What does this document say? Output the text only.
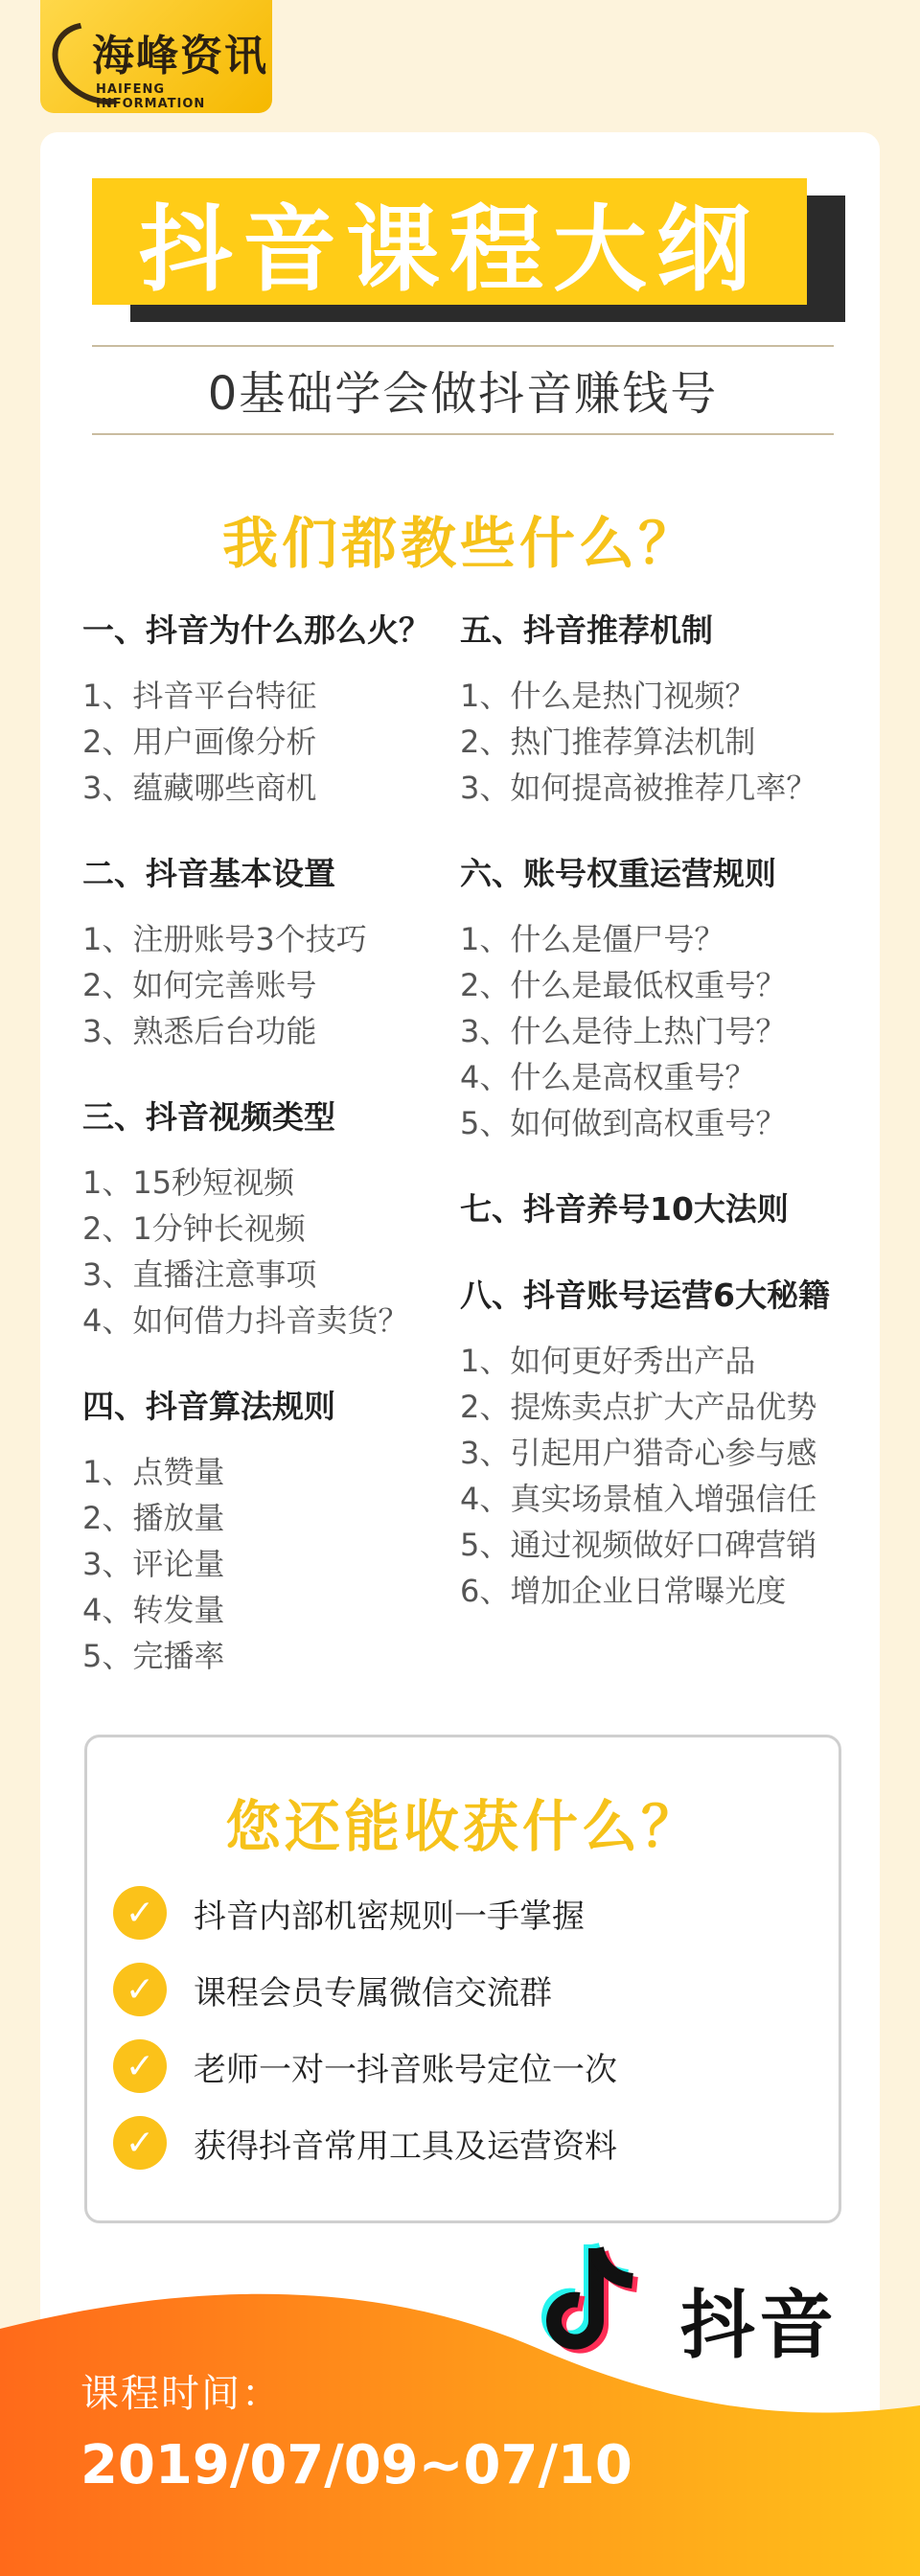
海峰资讯
HAIFENG INFORMATION
抖音课程大纲
0基础学会做抖音赚钱号
我们都教些什么？
一、抖音为什么那么火？
1、抖音平台特征
2、用户画像分析
3、蕴藏哪些商机
二、抖音基本设置
1、注册账号3个技巧
2、如何完善账号
3、熟悉后台功能
三、抖音视频类型
1、15秒短视频
2、1分钟长视频
3、直播注意事项
4、如何借力抖音卖货？
四、抖音算法规则
1、点赞量
2、播放量
3、评论量
4、转发量
5、完播率
五、抖音推荐机制
1、什么是热门视频？
2、热门推荐算法机制
3、如何提高被推荐几率？
六、账号权重运营规则
1、什么是僵尸号？
2、什么是最低权重号？
3、什么是待上热门号？
4、什么是高权重号？
5、如何做到高权重号？
七、抖音养号10大法则
八、抖音账号运营6大秘籍
1、如何更好秀出产品
2、提炼卖点扩大产品优势
3、引起用户猎奇心参与感
4、真实场景植入增强信任
5、通过视频做好口碑营销
6、增加企业日常曝光度
您还能收获什么？
✓	抖音内部机密规则一手掌握
✓	课程会员专属微信交流群
✓	老师一对一抖音账号定位一次
✓	获得抖音常用工具及运营资料
抖音
课程时间：
2019/07/09~07/10
